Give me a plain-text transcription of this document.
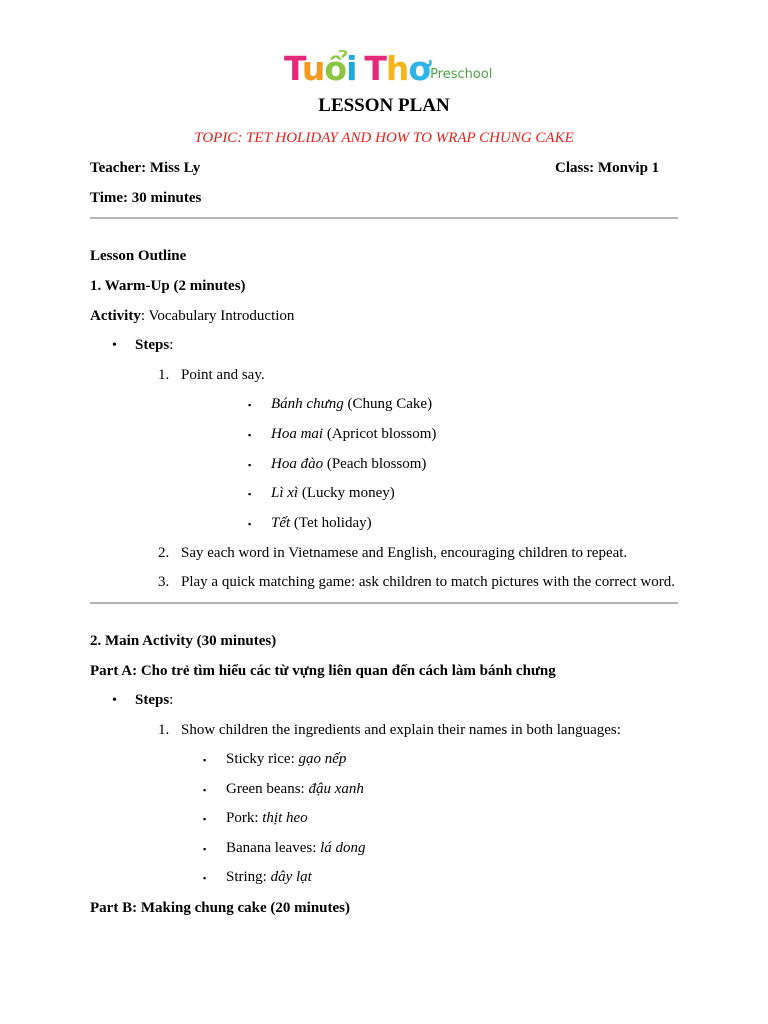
Tuổi ThơPreschool
LESSON PLAN
TOPIC: TET HOLIDAY AND HOW TO WRAP CHUNG CAKE
Teacher: Miss Ly	Class: Monvip 1
Time: 30 minutes
Lesson Outline
1. Warm-Up (2 minutes)
Activity: Vocabulary Introduction
• Steps:
1. Point and say.
▪ Bánh chưng (Chung Cake)
▪ Hoa mai (Apricot blossom)
▪ Hoa đào (Peach blossom)
▪ Lì xì (Lucky money)
▪ Tết (Tet holiday)
2. Say each word in Vietnamese and English, encouraging children to repeat.
3. Play a quick matching game: ask children to match pictures with the correct word.
2. Main Activity (30 minutes)
Part A: Cho trẻ tìm hiểu các từ vựng liên quan đến cách làm bánh chưng
• Steps:
1. Show children the ingredients and explain their names in both languages:
▪ Sticky rice: gạo nếp
▪ Green beans: đậu xanh
▪ Pork: thịt heo
▪ Banana leaves: lá dong
▪ String: dây lạt
Part B: Making chung cake (20 minutes)
